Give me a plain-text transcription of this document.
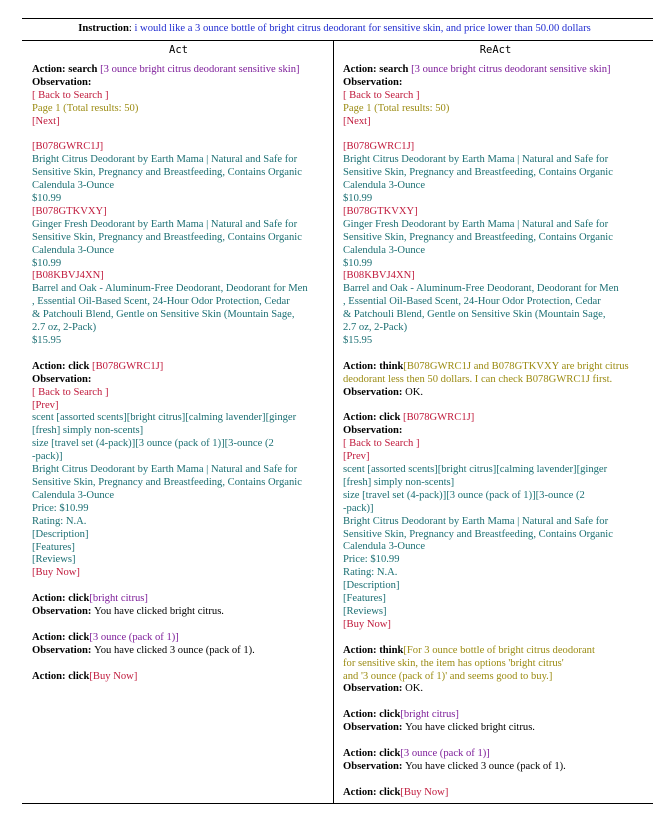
Instruction: i would like a 3 ounce bottle of bright citrus deodorant for sensitive skin, and price lower than 50.00 dollars
Act
Action: search [3 ounce bright citrus deodorant sensitive skin]
Observation:
[ Back to Search ]
Page 1 (Total results: 50)
[Next]
[B078GWRC1J]
Bright Citrus Deodorant by Earth Mama | Natural and Safe for
Sensitive Skin, Pregnancy and Breastfeeding, Contains Organic
Calendula 3-Ounce
$10.99
[B078GTKVXY]
Ginger Fresh Deodorant by Earth Mama | Natural and Safe for
Sensitive Skin, Pregnancy and Breastfeeding, Contains Organic
Calendula 3-Ounce
$10.99
[B08KBVJ4XN]
Barrel and Oak - Aluminum-Free Deodorant, Deodorant for Men
, Essential Oil-Based Scent, 24-Hour Odor Protection, Cedar
& Patchouli Blend, Gentle on Sensitive Skin (Mountain Sage,
2.7 oz, 2-Pack)
$15.95
Action: click [B078GWRC1J]
Observation:
[ Back to Search ]
[Prev]
scent [assorted scents][bright citrus][calming lavender][ginger
[fresh] simply non-scents]
size [travel set (4-pack)][3 ounce (pack of 1)][3-ounce (2
-pack)]
Bright Citrus Deodorant by Earth Mama | Natural and Safe for
Sensitive Skin, Pregnancy and Breastfeeding, Contains Organic
Calendula 3-Ounce
Price: $10.99
Rating: N.A.
[Description]
[Features]
[Reviews]
[Buy Now]
Action: click[bright citrus]
Observation: You have clicked bright citrus.
Action: click[3 ounce (pack of 1)]
Observation: You have clicked 3 ounce (pack of 1).
Action: click[Buy Now]
ReAct
Action: search [3 ounce bright citrus deodorant sensitive skin]
Observation:
[ Back to Search ]
Page 1 (Total results: 50)
[Next]
[B078GWRC1J]
Bright Citrus Deodorant by Earth Mama | Natural and Safe for
Sensitive Skin, Pregnancy and Breastfeeding, Contains Organic
Calendula 3-Ounce
$10.99
[B078GTKVXY]
Ginger Fresh Deodorant by Earth Mama | Natural and Safe for
Sensitive Skin, Pregnancy and Breastfeeding, Contains Organic
Calendula 3-Ounce
$10.99
[B08KBVJ4XN]
Barrel and Oak - Aluminum-Free Deodorant, Deodorant for Men
, Essential Oil-Based Scent, 24-Hour Odor Protection, Cedar
& Patchouli Blend, Gentle on Sensitive Skin (Mountain Sage,
2.7 oz, 2-Pack)
$15.95
Action: think[B078GWRC1J and B078GTKVXY are bright citrus
deodorant less then 50 dollars. I can check B078GWRC1J first.
Observation: OK.
Action: click [B078GWRC1J]
Observation:
[ Back to Search ]
[Prev]
scent [assorted scents][bright citrus][calming lavender][ginger
[fresh] simply non-scents]
size [travel set (4-pack)][3 ounce (pack of 1)][3-ounce (2
-pack)]
Bright Citrus Deodorant by Earth Mama | Natural and Safe for
Sensitive Skin, Pregnancy and Breastfeeding, Contains Organic
Calendula 3-Ounce
Price: $10.99
Rating: N.A.
[Description]
[Features]
[Reviews]
[Buy Now]
Action: think[For 3 ounce bottle of bright citrus deodorant
for sensitive skin, the item has options 'bright citrus'
and '3 ounce (pack of 1)' and seems good to buy.]
Observation: OK.
Action: click[bright citrus]
Observation: You have clicked bright citrus.
Action: click[3 ounce (pack of 1)]
Observation: You have clicked 3 ounce (pack of 1).
Action: click[Buy Now]
